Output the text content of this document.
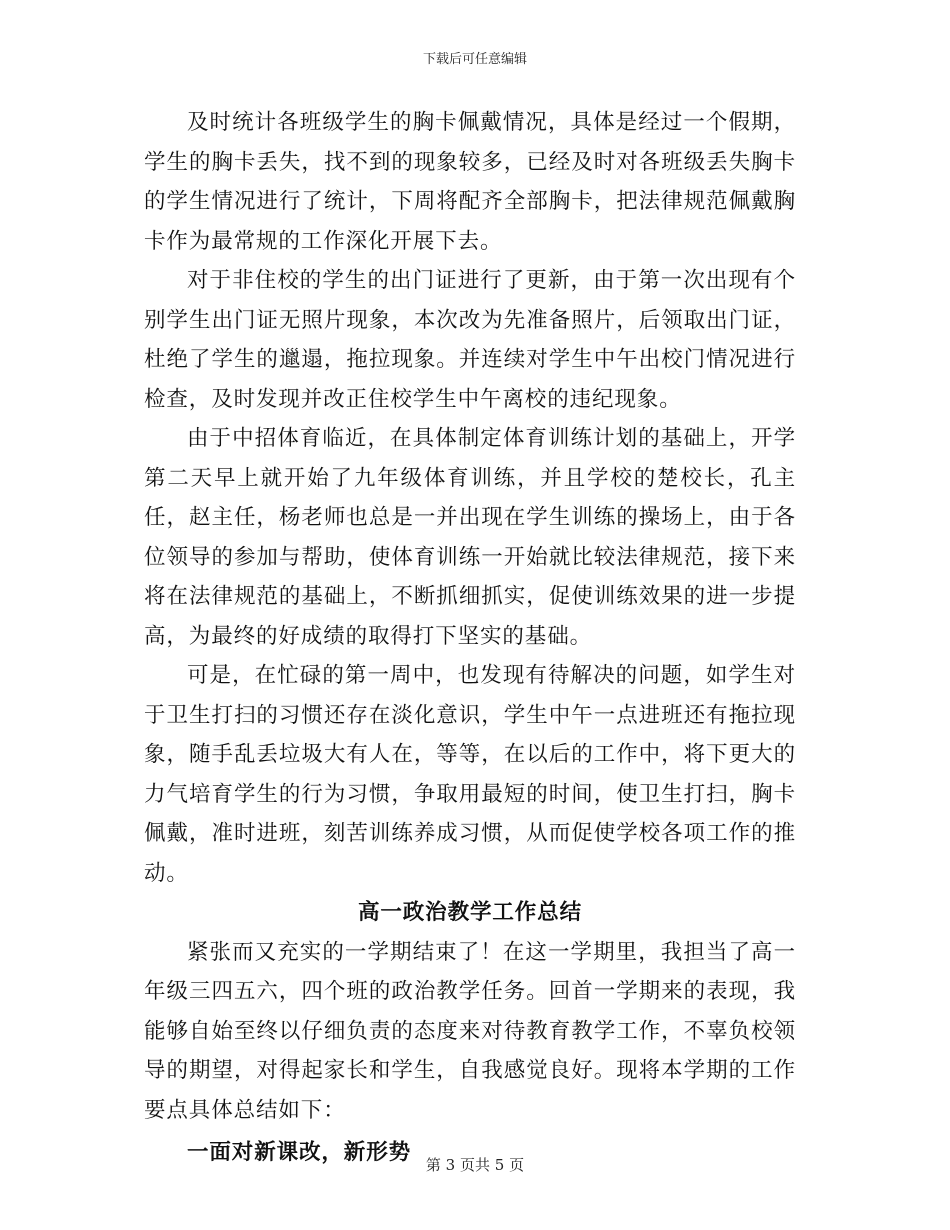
下载后可任意编辑

及时统计各班级学生的胸卡佩戴情况，具体是经过一个假期，学生的胸卡丢失，找不到的现象较多，已经及时对各班级丢失胸卡的学生情况进行了统计，下周将配齐全部胸卡，把法律规范佩戴胸卡作为最常规的工作深化开展下去。

对于非住校的学生的出门证进行了更新，由于第一次出现有个别学生出门证无照片现象，本次改为先准备照片，后领取出门证，杜绝了学生的邋遢，拖拉现象。并连续对学生中午出校门情况进行检查，及时发现并改正住校学生中午离校的违纪现象。

由于中招体育临近，在具体制定体育训练计划的基础上，开学第二天早上就开始了九年级体育训练，并且学校的楚校长，孔主任，赵主任，杨老师也总是一并出现在学生训练的操场上，由于各位领导的参加与帮助，使体育训练一开始就比较法律规范，接下来将在法律规范的基础上，不断抓细抓实，促使训练效果的进一步提高，为最终的好成绩的取得打下坚实的基础。

可是，在忙碌的第一周中，也发现有待解决的问题，如学生对于卫生打扫的习惯还存在淡化意识，学生中午一点进班还有拖拉现象，随手乱丢垃圾大有人在，等等，在以后的工作中，将下更大的力气培育学生的行为习惯，争取用最短的时间，使卫生打扫，胸卡佩戴，准时进班，刻苦训练养成习惯，从而促使学校各项工作的推动。

高一政治教学工作总结

紧张而又充实的一学期结束了！在这一学期里，我担当了高一年级三四五六，四个班的政治教学任务。回首一学期来的表现，我能够自始至终以仔细负责的态度来对待教育教学工作，不辜负校领导的期望，对得起家长和学生，自我感觉良好。现将本学期的工作要点具体总结如下：

一面对新课改，新形势 第 3 页共 5 页
